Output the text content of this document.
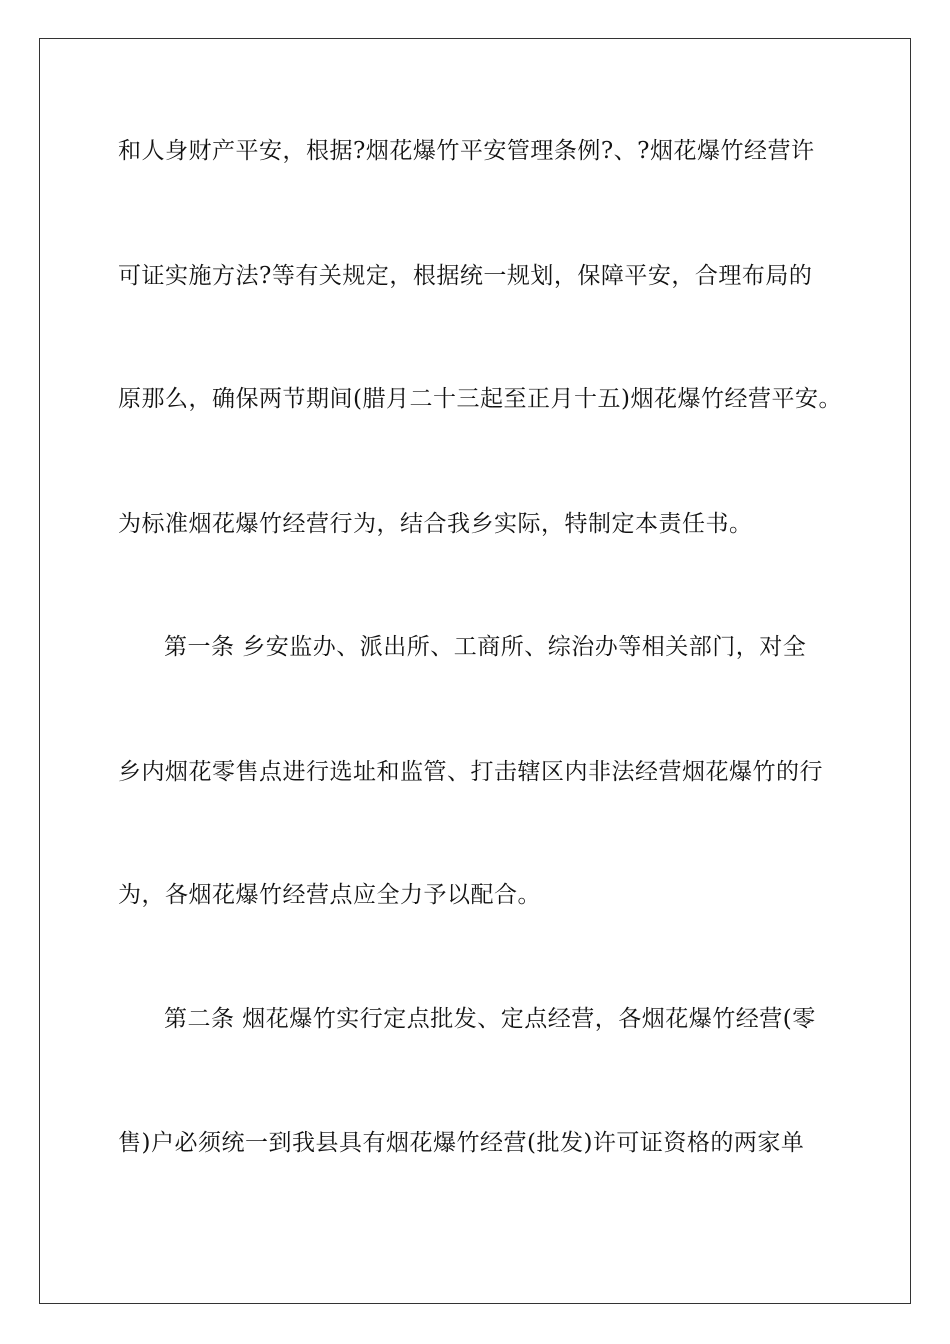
和人身财产平安，根据?烟花爆竹平安管理条例?、?烟花爆竹经营许
可证实施方法?等有关规定，根据统一规划，保障平安，合理布局的
原那么，确保两节期间(腊月二十三起至正月十五)烟花爆竹经营平安。
为标准烟花爆竹经营行为，结合我乡实际，特制定本责任书。
第一条 乡安监办、派出所、工商所、综治办等相关部门，对全
乡内烟花零售点进行选址和监管、打击辖区内非法经营烟花爆竹的行
为，各烟花爆竹经营点应全力予以配合。
第二条 烟花爆竹实行定点批发、定点经营，各烟花爆竹经营(零
售)户必须统一到我县具有烟花爆竹经营(批发)许可证资格的两家单
